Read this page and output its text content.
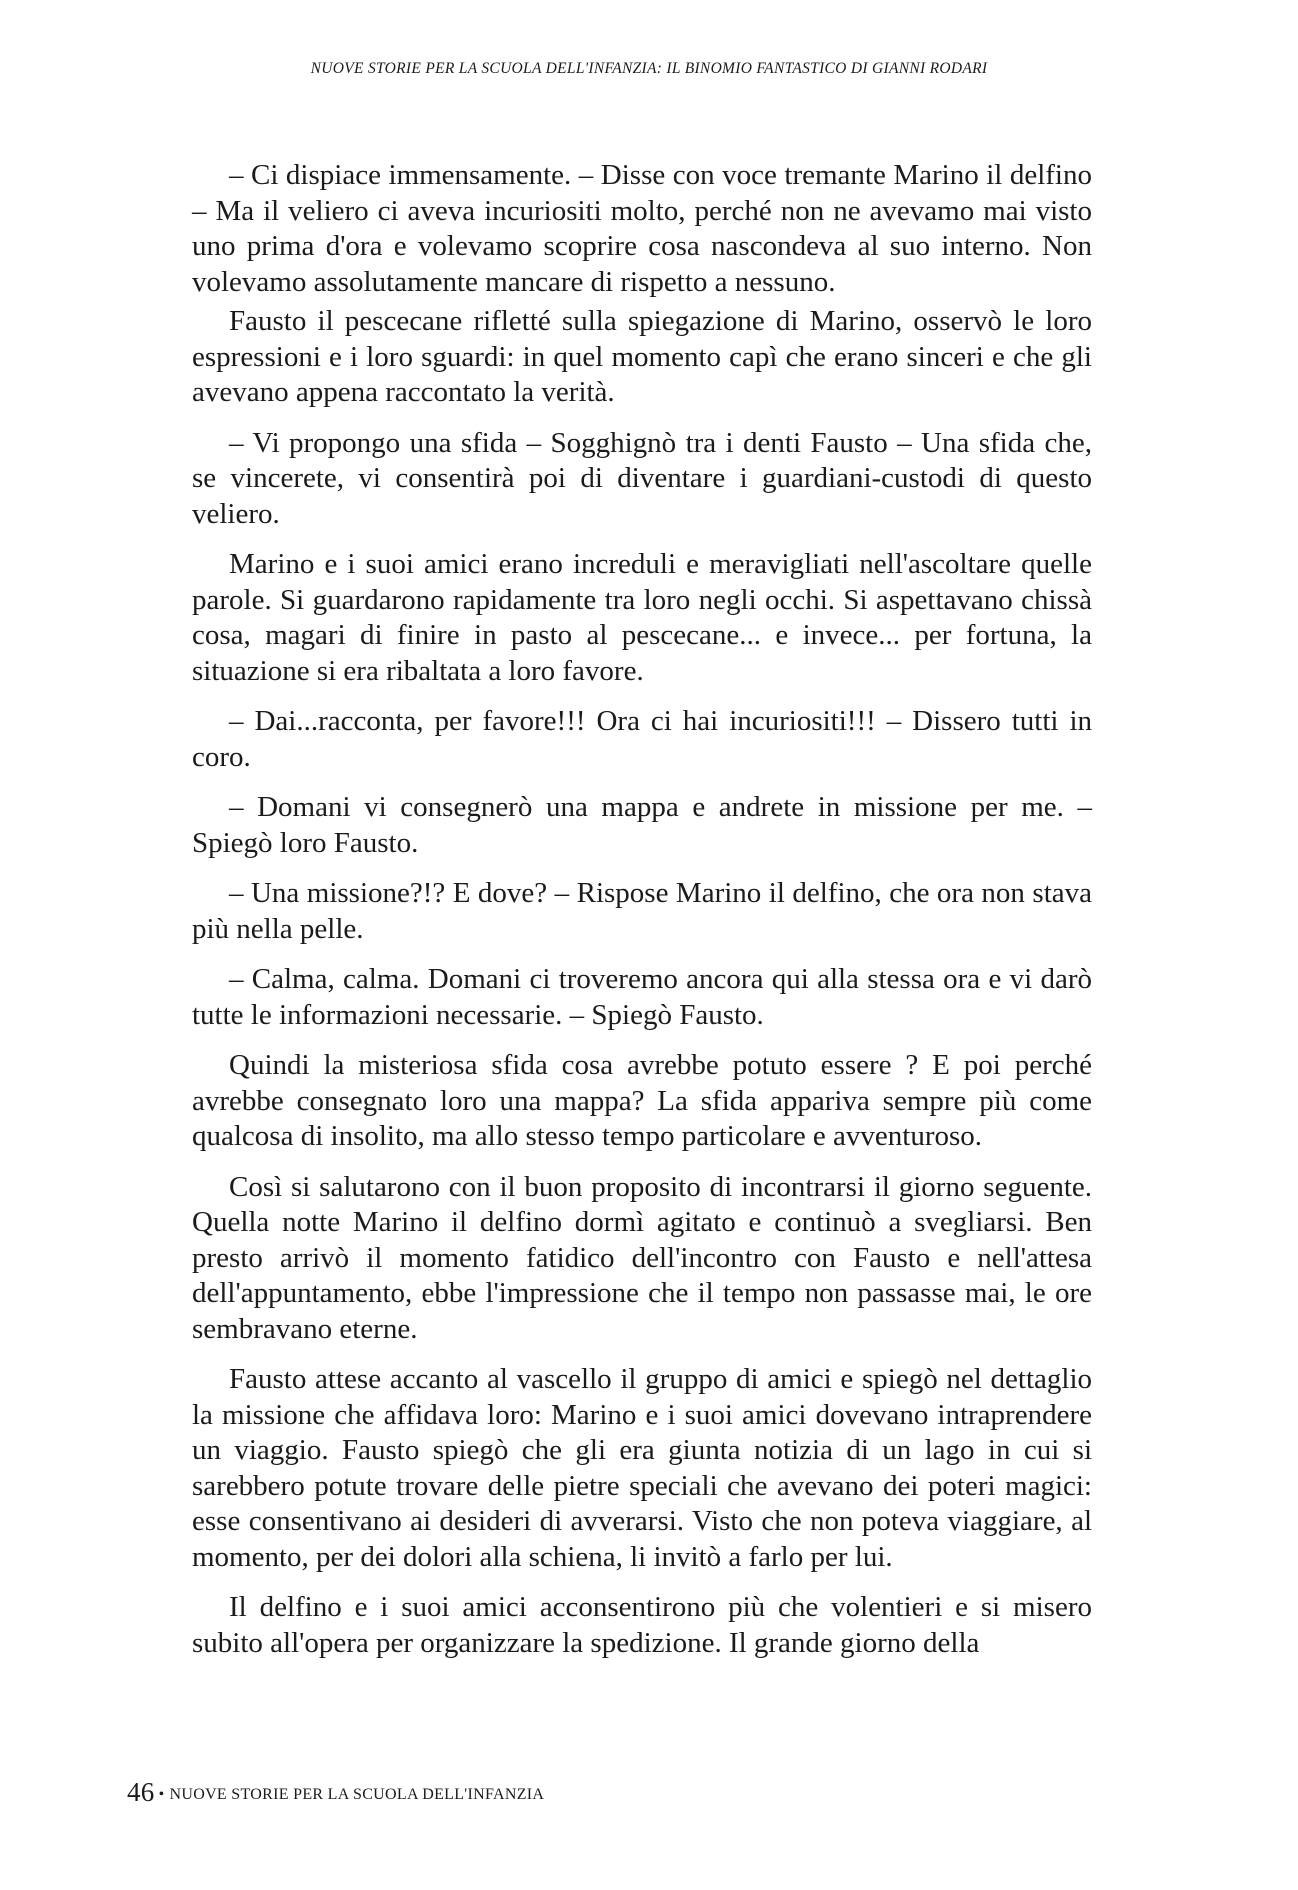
NUOVE STORIE PER LA SCUOLA DELL'INFANZIA: IL BINOMIO FANTASTICO DI GIANNI RODARI

– Ci dispiace immensamente. – Disse con voce tremante Marino il delfino – Ma il veliero ci aveva incuriositi molto, perché non ne avevamo mai visto uno prima d'ora e volevamo scoprire cosa nascondeva al suo interno. Non volevamo assolutamente mancare di rispetto a nessuno.

Fausto il pescecane rifletté sulla spiegazione di Marino, osservò le loro espressioni e i loro sguardi: in quel momento capì che erano sinceri e che gli avevano appena raccontato la verità.

– Vi propongo una sfida – Sogghignò tra i denti Fausto – Una sfida che, se vincerete, vi consentirà poi di diventare i guardiani-custodi di questo veliero.

Marino e i suoi amici erano increduli e meravigliati nell'ascoltare quelle parole. Si guardarono rapidamente tra loro negli occhi. Si aspettavano chissà cosa, magari di finire in pasto al pescecane... e invece... per fortuna, la situazione si era ribaltata a loro favore.

– Dai...racconta, per favore!!! Ora ci hai incuriositi!!! – Dissero tutti in coro.

– Domani vi consegnerò una mappa e andrete in missione per me. – Spiegò loro Fausto.

– Una missione?!? E dove? – Rispose Marino il delfino, che ora non stava più nella pelle.

– Calma, calma. Domani ci troveremo ancora qui alla stessa ora e vi darò tutte le informazioni necessarie. – Spiegò Fausto.

Quindi la misteriosa sfida cosa avrebbe potuto essere ? E poi perché avrebbe consegnato loro una mappa? La sfida appariva sempre più come qualcosa di insolito, ma allo stesso tempo particolare e avventuroso.

Così si salutarono con il buon proposito di incontrarsi il giorno seguente. Quella notte Marino il delfino dormì agitato e continuò a svegliarsi. Ben presto arrivò il momento fatidico dell'incontro con Fausto e nell'attesa dell'appuntamento, ebbe l'impressione che il tempo non passasse mai, le ore sembravano eterne.

Fausto attese accanto al vascello il gruppo di amici e spiegò nel dettaglio la missione che affidava loro: Marino e i suoi amici dovevano intraprendere un viaggio. Fausto spiegò che gli era giunta notizia di un lago in cui si sarebbero potute trovare delle pietre speciali che avevano dei poteri magici: esse consentivano ai desideri di avverarsi. Visto che non poteva viaggiare, al momento, per dei dolori alla schiena, li invitò a farlo per lui.

Il delfino e i suoi amici acconsentirono più che volentieri e si misero subito all'opera per organizzare la spedizione. Il grande giorno della

46 • NUOVE STORIE PER LA SCUOLA DELL'INFANZIA
